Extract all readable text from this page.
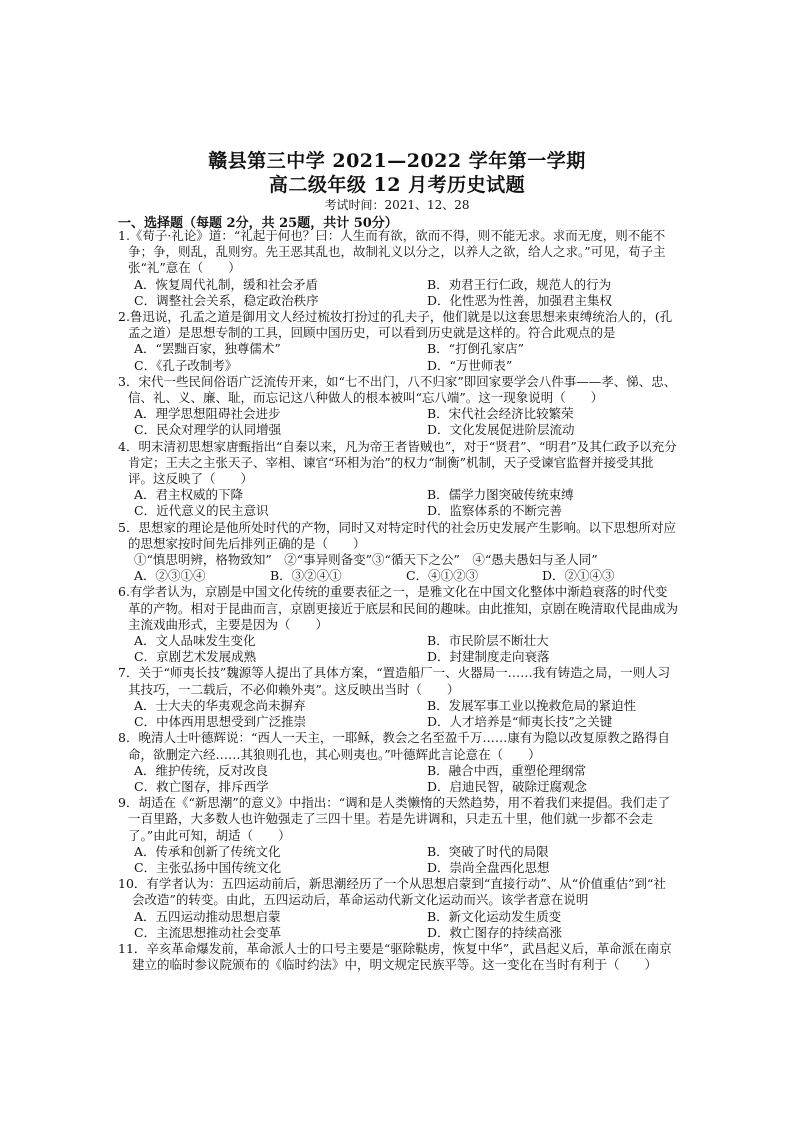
赣县第三中学 2021—2022 学年第一学期
高二级年级 12 月考历史试题
考试时间：2021、12、28
一、选择题（每题 2分，共 25题，共计 50分）

1.《荀子·礼论》道：“礼起于何也？曰：人生而有欲，欲而不得，则不能无求。求而无度，则不能不争；争，则乱，乱则穷。先王恶其乱也，故制礼义以分之，以养人之欲，给人之求。”可见，荀子主张“礼”意在（　　）

A．恢复周代礼制，缓和社会矛盾	B．劝君王行仁政，规范人的行为
C．调整社会关系，稳定政治秩序	D．化性恶为性善，加强君主集权

2.鲁迅说，孔孟之道是御用文人经过梳妆打扮过的孔夫子，他们就是以这套思想来束缚统治人的，(孔孟之道）是思想专制的工具，回顾中国历史，可以看到历史就是这样的。符合此观点的是

A．“罢黜百家，独尊儒术”	B．“打倒孔家店”
C．《孔子改制考》	D．“万世师表”

3．宋代一些民间俗语广泛流传开来，如“七不出门，八不归家”即回家要学会八件事——孝、悌、忠、信、礼、义、廉、耻，而忘记这八种做人的根本被叫“忘八端”。这一现象说明（　　）

A．理学思想阻碍社会进步	B．宋代社会经济比较繁荣
C．民众对理学的认同增强	D．文化发展促进阶层流动

4．明末清初思想家唐甄指出“自秦以来，凡为帝王者皆贼也”，对于“贤君”、“明君”及其仁政予以充分肯定；王夫之主张天子、宰相、谏官“环相为治”的权力“制衡”机制，天子受谏官监督并接受其批评。这反映了（　　）

A．君主权威的下降	B．儒学力图突破传统束缚
C．近代意义的民主意识	D．监察体系的不断完善

5．思想家的理论是他所处时代的产物，同时又对特定时代的社会历史发展产生影响。以下思想所对应的思想家按时间先后排列正确的是（　　）

①“慎思明辨，格物致知”　②“事异则备变”③“循天下之公”　④“愚夫愚妇与圣人同”

A．②③①④	B．③②④①	C．④①②③	D．②①④③

6.有学者认为，京剧是中国文化传统的重要表征之一，是雅文化在中国文化整体中渐趋衰落的时代变革的产物。相对于昆曲而言，京剧更接近于底层和民间的趣味。由此推知，京剧在晚清取代昆曲成为主流戏曲形式，主要是因为（　　）

A．文人品味发生变化	B．市民阶层不断壮大
C．京剧艺术发展成熟	D．封建制度走向衰落

7．关于“师夷长技”魏源等人提出了具体方案，“置造船厂一、火器局一……我有铸造之局，一则人习其技巧，一二载后，不必仰赖外夷”。这反映出当时（　　）

A．士大夫的华夷观念尚未摒弃	B．发展军事工业以挽救危局的紧迫性
C．中体西用思想受到广泛推崇	D．人才培养是“师夷长技”之关键

8．晚清人士叶德辉说：“西人一天主，一耶稣，教会之名至盈千万……康有为隐以改复原教之路得自命，欲删定六经……其狼则孔也，其心则夷也。”叶德辉此言论意在（　　）

A．维护传统，反对改良	B．融合中西，重塑伦理纲常
C．救亡图存，排斥西学	D．启迪民智，破除迂腐观念

9．胡适在《“新思潮”的意义》中指出：“调和是人类懒惰的天然趋势，用不着我们来提倡。我们走了一百里路，大多数人也许勉强走了三四十里。若是先讲调和，只走五十里，他们就一步都不会走了。”由此可知，胡适（　　）

A．传承和创新了传统文化	B．突破了时代的局限
C．主张弘扬中国传统文化	D．崇尚全盘西化思想

10．有学者认为：五四运动前后，新思潮经历了一个从思想启蒙到“直接行动”、从“价值重估”到“社会改造”的转变。由此，五四运动后，革命运动代新文化运动而兴。该学者意在说明

A．五四运动推动思想启蒙	B．新文化运动发生质变
C．主流思想推动社会变革	D．救亡图存的持续高涨

11．辛亥革命爆发前，革命派人士的口号主要是“驱除鞑虏，恢复中华”，武昌起义后，革命派在南京建立的临时参议院颁布的《临时约法》中，明文规定民族平等。这一变化在当时有利于（　　）
